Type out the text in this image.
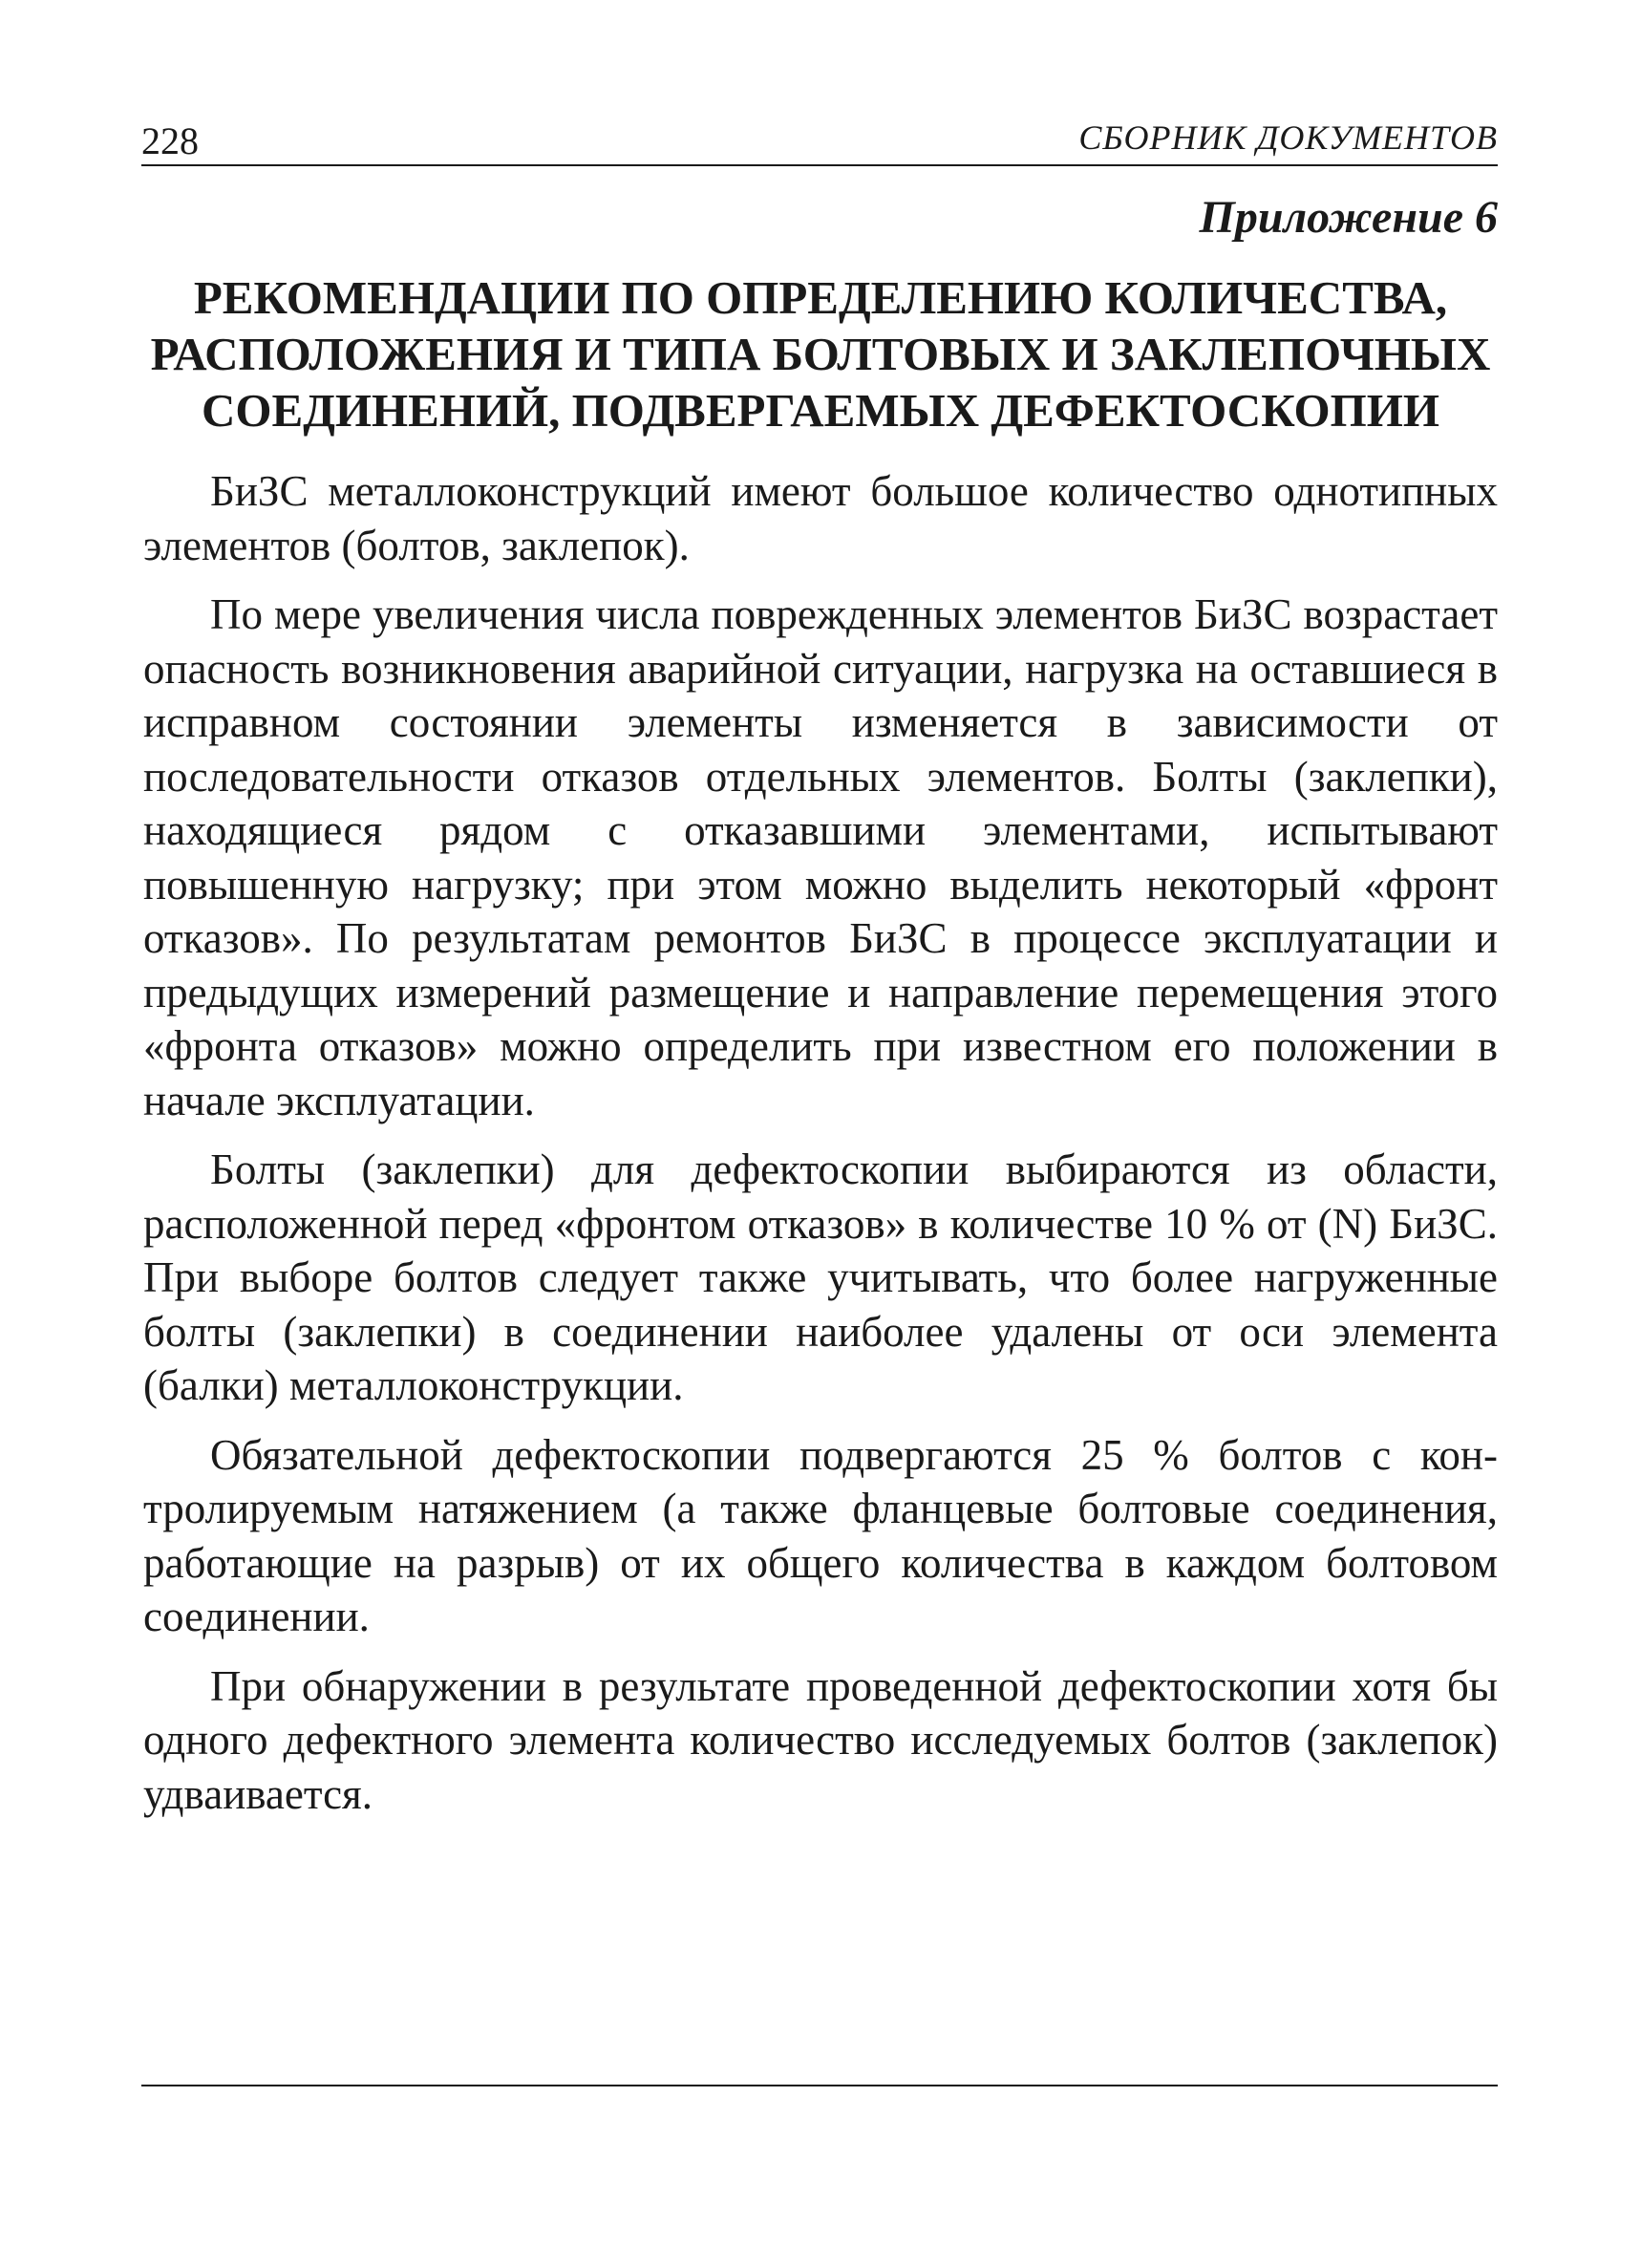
228	СБОРНИК ДОКУМЕНТОВ
Приложение 6
РЕКОМЕНДАЦИИ ПО ОПРЕДЕЛЕНИЮ КОЛИЧЕСТВА,
РАСПОЛОЖЕНИЯ И ТИПА БОЛТОВЫХ И ЗАКЛЕПОЧНЫХ
СОЕДИНЕНИЙ, ПОДВЕРГАЕМЫХ ДЕФЕКТОСКОПИИ

БиЗС металлоконструкций имеют большое количество однотипных элементов (болтов, заклепок).

По мере увеличения числа поврежденных элементов БиЗС возрастает опасность возникновения аварийной ситуации, нагрузка на оставшиеся в исправном состоянии элементы изменяется в зависимости от последовательности отказов отдельных элементов. Болты (заклепки), находящиеся рядом с отказавшими элементами, испытывают повышенную нагрузку; при этом можно выделить некоторый «фронт отказов». По результатам ремонтов БиЗС в процессе эксплуатации и предыдущих измерений размещение и направление перемещения этого «фронта отказов» можно определить при известном его положении в начале эксплуатации.

Болты (заклепки) для дефектоскопии выбираются из области, расположенной перед «фронтом отказов» в количестве 10 % от (N) БиЗС. При выборе болтов следует также учитывать, что более нагруженные болты (заклепки) в соединении наиболее удалены от оси элемента (балки) металлоконструкции.

Обязательной дефектоскопии подвергаются 25 % болтов с контролируемым натяжением (а также фланцевые болтовые соединения, работающие на разрыв) от их общего количества в каждом болтовом соединении.

При обнаружении в результате проведенной дефектоскопии хотя бы одного дефектного элемента количество исследуемых болтов (заклепок) удваивается.
